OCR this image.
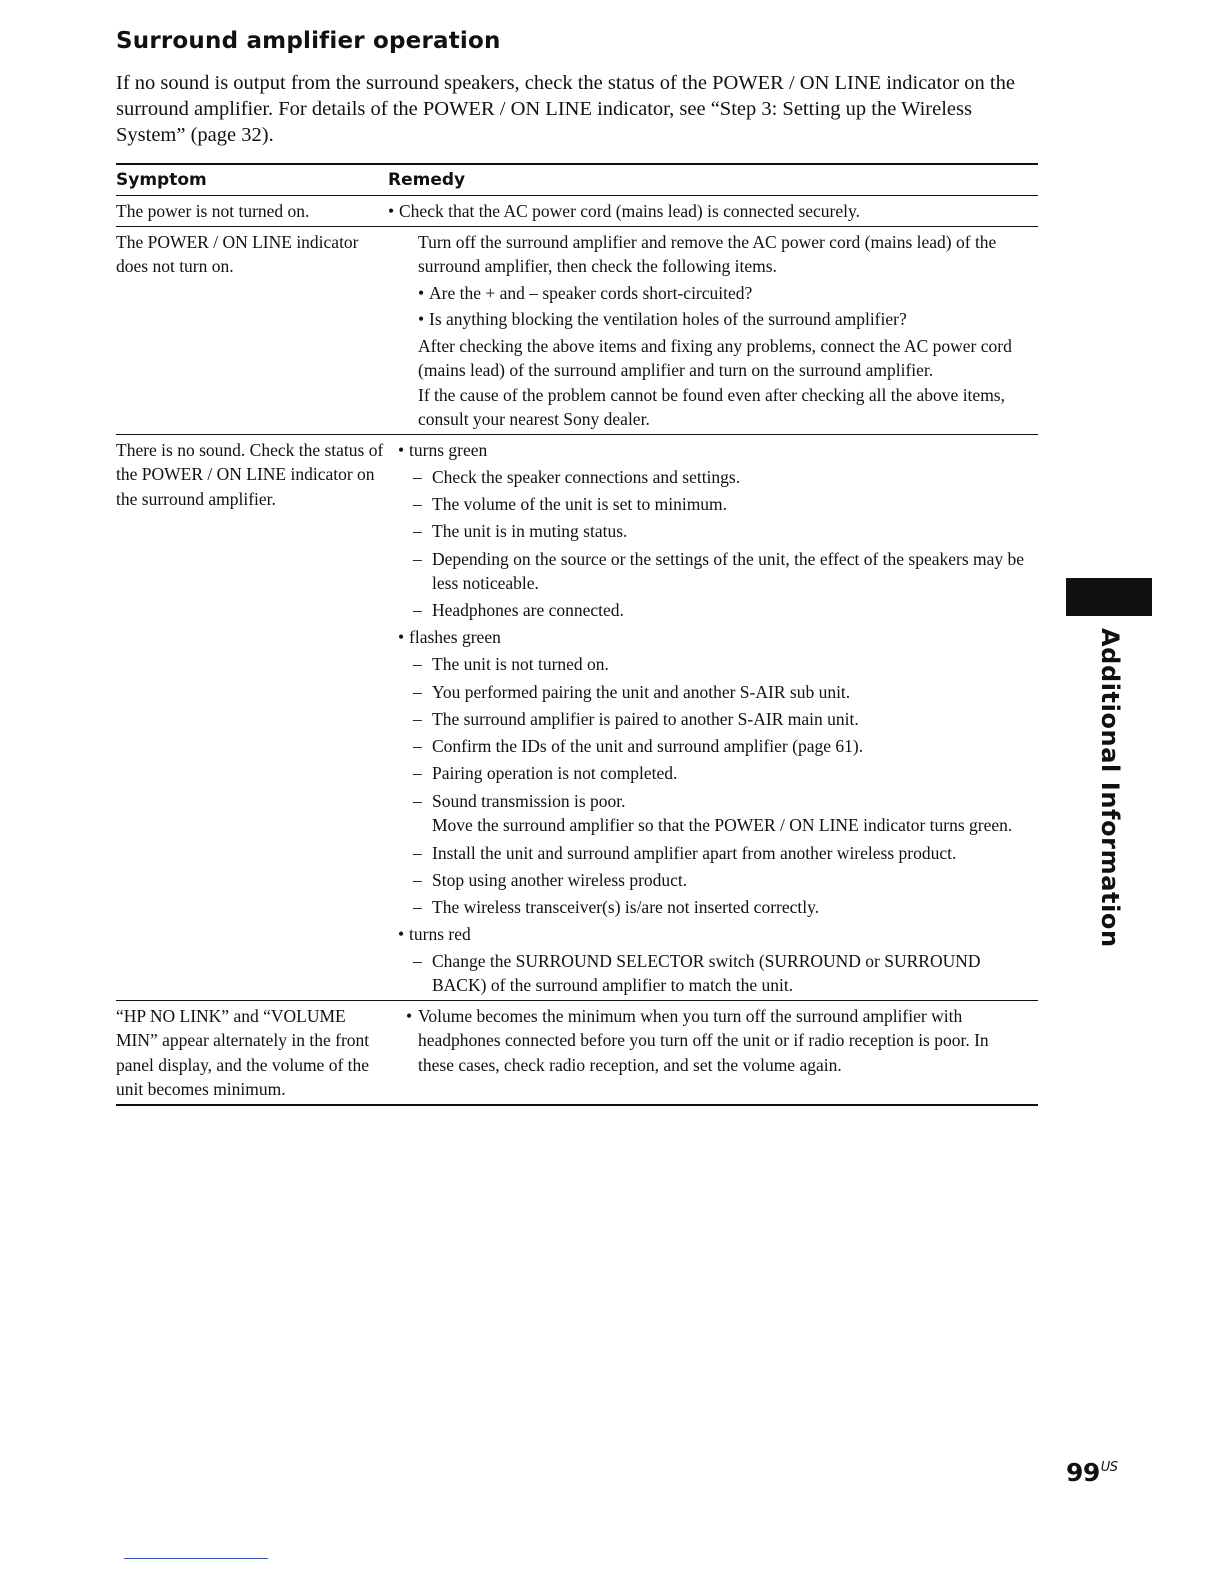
Surround amplifier operation

If no sound is output from the surround speakers, check the status of the POWER / ON LINE indicator on the surround amplifier. For details of the POWER / ON LINE indicator, see “Step 3: Setting up the Wireless System” (page 32).

Symptom	Remedy
The power is not turned on.
•	Check that the AC power cord (mains lead) is connected securely.
The POWER / ON LINE indicator does not turn on.
Turn off the surround amplifier and remove the AC power cord (mains lead) of the surround amplifier, then check the following items.
• Are the + and – speaker cords short-circuited?
• Is anything blocking the ventilation holes of the surround amplifier?
After checking the above items and fixing any problems, connect the AC power cord (mains lead) of the surround amplifier and turn on the surround amplifier.
If the cause of the problem cannot be found even after checking all the above items, consult your nearest Sony dealer.
There is no sound. Check the status of the POWER / ON LINE indicator on the surround amplifier.
• turns green
– Check the speaker connections and settings.
– The volume of the unit is set to minimum.
– The unit is in muting status.
– Depending on the source or the settings of the unit, the effect of the speakers may be less noticeable.
– Headphones are connected.
• flashes green
– The unit is not turned on.
– You performed pairing the unit and another S-AIR sub unit.
– The surround amplifier is paired to another S-AIR main unit.
– Confirm the IDs of the unit and surround amplifier (page 61).
– Pairing operation is not completed.
– Sound transmission is poor.
Move the surround amplifier so that the POWER / ON LINE indicator turns green.
– Install the unit and surround amplifier apart from another wireless product.
– Stop using another wireless product.
– The wireless transceiver(s) is/are not inserted correctly.
• turns red
– Change the SURROUND SELECTOR switch (SURROUND or SURROUND BACK) of the surround amplifier to match the unit.
“HP NO LINK” and “VOLUME MIN” appear alternately in the front panel display, and the volume of the unit becomes minimum.
• Volume becomes the minimum when you turn off the surround amplifier with headphones connected before you turn off the unit or if radio reception is poor. In these cases, check radio reception, and set the volume again.
Additional Information
$99^{US}$
